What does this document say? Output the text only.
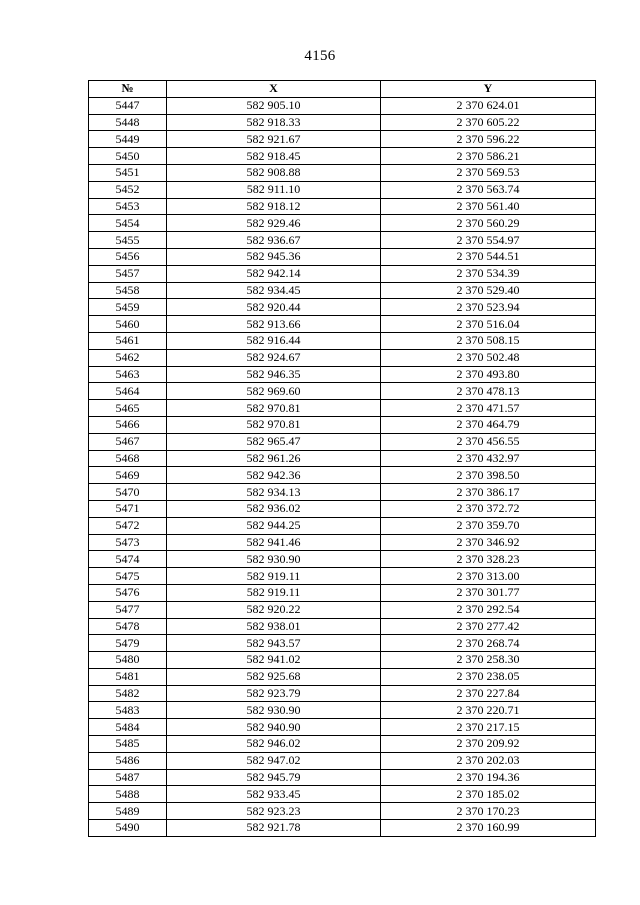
4156
№	X	Y
5447	582 905.10	2 370 624.01
5448	582 918.33	2 370 605.22
5449	582 921.67	2 370 596.22
5450	582 918.45	2 370 586.21
5451	582 908.88	2 370 569.53
5452	582 911.10	2 370 563.74
5453	582 918.12	2 370 561.40
5454	582 929.46	2 370 560.29
5455	582 936.67	2 370 554.97
5456	582 945.36	2 370 544.51
5457	582 942.14	2 370 534.39
5458	582 934.45	2 370 529.40
5459	582 920.44	2 370 523.94
5460	582 913.66	2 370 516.04
5461	582 916.44	2 370 508.15
5462	582 924.67	2 370 502.48
5463	582 946.35	2 370 493.80
5464	582 969.60	2 370 478.13
5465	582 970.81	2 370 471.57
5466	582 970.81	2 370 464.79
5467	582 965.47	2 370 456.55
5468	582 961.26	2 370 432.97
5469	582 942.36	2 370 398.50
5470	582 934.13	2 370 386.17
5471	582 936.02	2 370 372.72
5472	582 944.25	2 370 359.70
5473	582 941.46	2 370 346.92
5474	582 930.90	2 370 328.23
5475	582 919.11	2 370 313.00
5476	582 919.11	2 370 301.77
5477	582 920.22	2 370 292.54
5478	582 938.01	2 370 277.42
5479	582 943.57	2 370 268.74
5480	582 941.02	2 370 258.30
5481	582 925.68	2 370 238.05
5482	582 923.79	2 370 227.84
5483	582 930.90	2 370 220.71
5484	582 940.90	2 370 217.15
5485	582 946.02	2 370 209.92
5486	582 947.02	2 370 202.03
5487	582 945.79	2 370 194.36
5488	582 933.45	2 370 185.02
5489	582 923.23	2 370 170.23
5490	582 921.78	2 370 160.99
